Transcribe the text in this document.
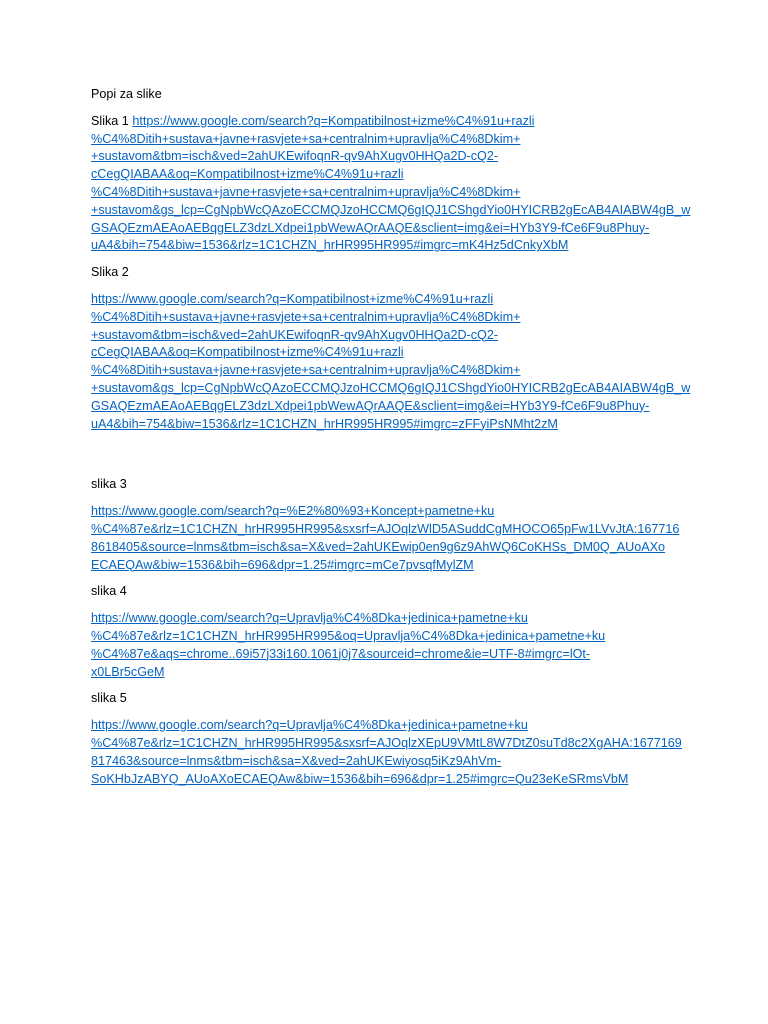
Popi za slike

Slika 1 https://www.google.com/search?q=Kompatibilnost+izme%C4%91u+razli
%C4%8Ditih+sustava+javne+rasvjete+sa+centralnim+upravlja%C4%8Dkim+
+sustavom&tbm=isch&ved=2ahUKEwifoqnR-qv9AhXugv0HHQa2D-cQ2-
cCegQIABAA&oq=Kompatibilnost+izme%C4%91u+razli
%C4%8Ditih+sustava+javne+rasvjete+sa+centralnim+upravlja%C4%8Dkim+
+sustavom&gs_lcp=CgNpbWcQAzoECCMQJzoHCCMQ6gIQJ1CShgdYio0HYICRB2gEcAB4AIABW4gB_w
GSAQEzmAEAoAEBqgELZ3dzLXdpei1pbWewAQrAAQE&sclient=img&ei=HYb3Y9-fCe6F9u8Phuy-
uA4&bih=754&biw=1536&rlz=1C1CHZN_hrHR995HR995#imgrc=mK4Hz5dCnkyXbM

Slika 2

https://www.google.com/search?q=Kompatibilnost+izme%C4%91u+razli
%C4%8Ditih+sustava+javne+rasvjete+sa+centralnim+upravlja%C4%8Dkim+
+sustavom&tbm=isch&ved=2ahUKEwifoqnR-qv9AhXugv0HHQa2D-cQ2-
cCegQIABAA&oq=Kompatibilnost+izme%C4%91u+razli
%C4%8Ditih+sustava+javne+rasvjete+sa+centralnim+upravlja%C4%8Dkim+
+sustavom&gs_lcp=CgNpbWcQAzoECCMQJzoHCCMQ6gIQJ1CShgdYio0HYICRB2gEcAB4AIABW4gB_w
GSAQEzmAEAoAEBqgELZ3dzLXdpei1pbWewAQrAAQE&sclient=img&ei=HYb3Y9-fCe6F9u8Phuy-
uA4&bih=754&biw=1536&rlz=1C1CHZN_hrHR995HR995#imgrc=zFFyiPsNMht2zM

slika 3

https://www.google.com/search?q=%E2%80%93+Koncept+pametne+ku
%C4%87e&rlz=1C1CHZN_hrHR995HR995&sxsrf=AJOqlzWlD5ASuddCgMHOCO65pFw1LVvJtA:167716
8618405&source=lnms&tbm=isch&sa=X&ved=2ahUKEwip0en9g6z9AhWQ6CoKHSs_DM0Q_AUoAXo
ECAEQAw&biw=1536&bih=696&dpr=1.25#imgrc=mCe7pvsqfMylZM

slika 4

https://www.google.com/search?q=Upravlja%C4%8Dka+jedinica+pametne+ku
%C4%87e&rlz=1C1CHZN_hrHR995HR995&oq=Upravlja%C4%8Dka+jedinica+pametne+ku
%C4%87e&aqs=chrome..69i57j33i160.1061j0j7&sourceid=chrome&ie=UTF-8#imgrc=lOt-
x0LBr5cGeM

slika 5

https://www.google.com/search?q=Upravlja%C4%8Dka+jedinica+pametne+ku
%C4%87e&rlz=1C1CHZN_hrHR995HR995&sxsrf=AJOqlzXEpU9VMtL8W7DtZ0suTd8c2XgAHA:1677169
817463&source=lnms&tbm=isch&sa=X&ved=2ahUKEwiyosq5iKz9AhVm-
SoKHbJzABYQ_AUoAXoECAEQAw&biw=1536&bih=696&dpr=1.25#imgrc=Qu23eKeSRmsVbM
